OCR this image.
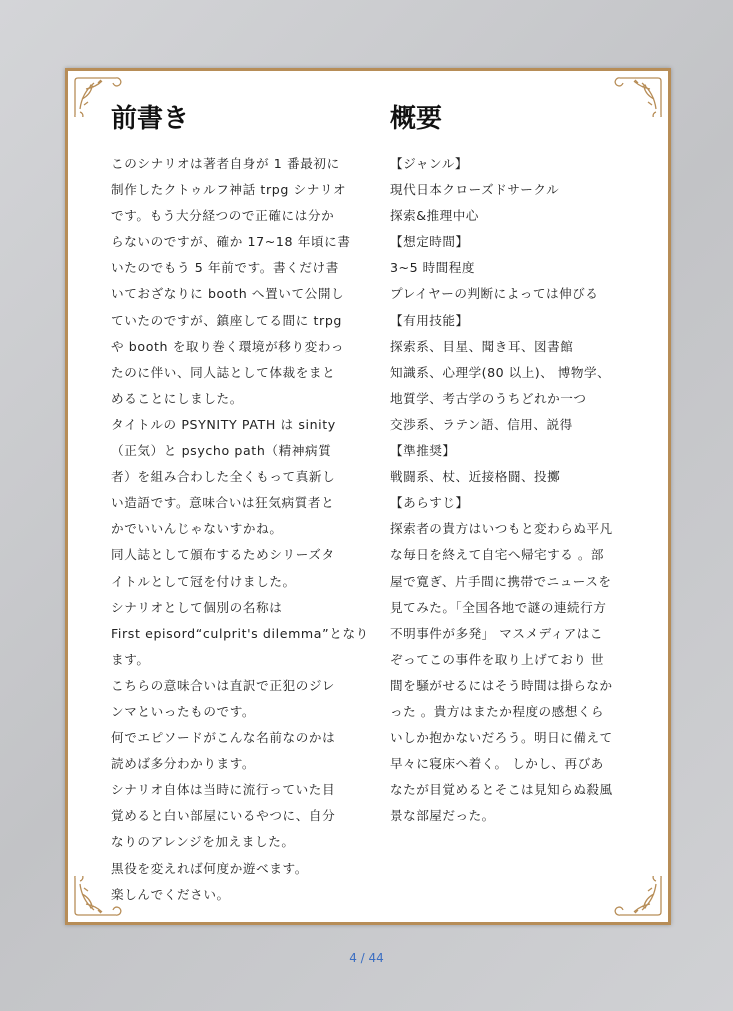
前書き
このシナリオは著者自身が 1 番最初に
制作したクトゥルフ神話 trpg シナリオ
です。もう大分経つので正確には分か
らないのですが、確か 17~18 年頃に書
いたのでもう 5 年前です。書くだけ書
いておざなりに booth へ置いて公開し
ていたのですが、鎮座してる間に trpg
や booth を取り巻く環境が移り変わっ
たのに伴い、同人誌として体裁をまと
めることにしました。
タイトルの PSYNITY PATH は sinity
（正気）と psycho path（精神病質
者）を組み合わした全くもって真新し
い造語です。意味合いは狂気病質者と
かでいいんじゃないすかね。
同人誌として頒布するためシリーズタ
イトルとして冠を付けました。
シナリオとして個別の名称は
First episord“culprit's dilemma”となり
ます。
こちらの意味合いは直訳で正犯のジレ
ンマといったものです。
何でエピソードがこんな名前なのかは
読めば多分わかります。
シナリオ自体は当時に流行っていた目
覚めると白い部屋にいるやつに、自分
なりのアレンジを加えました。
黒役を変えれば何度か遊べます。
楽しんでください。
概要
【ジャンル】
現代日本クローズドサークル
探索&推理中心
【想定時間】
3~5 時間程度
プレイヤーの判断によっては伸びる
【有用技能】
探索系、目星、聞き耳、図書館
知識系、心理学(80 以上)、 博物学、
地質学、考古学のうちどれか一つ
交渉系、ラテン語、信用、説得
【準推奨】
戦闘系、杖、近接格闘、投擲
【あらすじ】
探索者の貴方はいつもと変わらぬ平凡
な毎日を終えて自宅へ帰宅する 。部
屋で寛ぎ、片手間に携帯でニュースを
見てみた。「全国各地で謎の連続行方
不明事件が多発」 マスメディアはこ
ぞってこの事件を取り上げており 世
間を騒がせるにはそう時間は掛らなか
った 。貴方はまたか程度の感想くら
いしか抱かないだろう。明日に備えて
早々に寝床へ着く。 しかし、再びあ
なたが目覚めるとそこは見知らぬ殺風
景な部屋だった。
4 / 44
